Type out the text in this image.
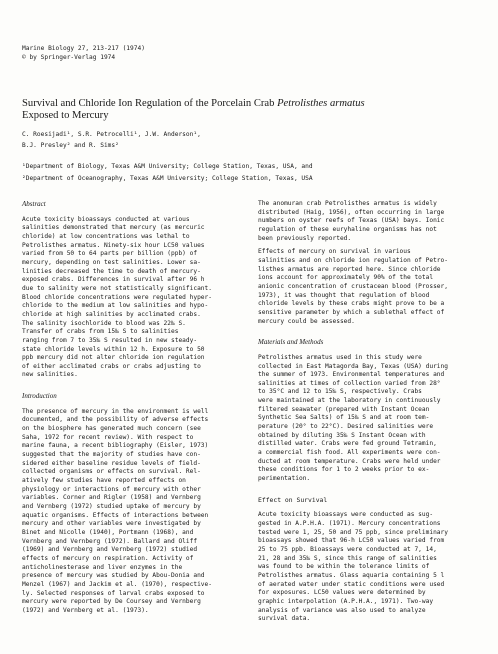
Marine Biology 27, 213-217 (1974)
© by Springer-Verlag 1974
Survival and Chloride Ion Regulation of the Porcelain Crab Petrolisthes armatus
Exposed to Mercury
C. Roesijadi¹, S.R. Petrocelli¹, J.W. Anderson¹,
B.J. Presley² and R. Sims²
¹Department of Biology, Texas A&M University; College Station, Texas, USA, and
²Department of Oceanography, Texas A&M University; College Station, Texas, USA
Abstract
Acute toxicity bioassays conducted at various
salinities demonstrated that mercury (as mercuric
chloride) at low concentrations was lethal to
Petrolisthes armatus. Ninety-six hour LC50 values
varied from 50 to 64 parts per billion (ppb) of
mercury, depending on test salinities. Lower sa-
linities decreased the time to death of mercury-
exposed crabs. Differences in survival after 96 h
due to salinity were not statistically significant.
Blood chloride concentrations were regulated hyper-
chloride to the medium at low salinities and hypo-
chloride at high salinities by acclimated crabs.
The salinity isochloride to blood was 22‰ S.
Transfer of crabs from 15‰ S to salinities
ranging from 7 to 35‰ S resulted in new steady-
state chloride levels within 12 h. Exposure to 50
ppb mercury did not alter chloride ion regulation
of either acclimated crabs or crabs adjusting to
new salinities.
Introduction
The presence of mercury in the environment is well
documented, and the possibility of adverse effects
on the biosphere has generated much concern (see
Saha, 1972 for recent review). With respect to
marine fauna, a recent bibliography (Eisler, 1973)
suggested that the majority of studies have con-
sidered either baseline residue levels of field-
collected organisms or effects on survival. Rel-
atively few studies have reported effects on
physiology or interactions of mercury with other
variables. Corner and Rigler (1958) and Vernberg
and Vernberg (1972) studied uptake of mercury by
aquatic organisms. Effects of interactions between
mercury and other variables were investigated by
Binet and Nicolle (1940), Portmann (1968), and
Vernberg and Vernberg (1972). Ballard and Oliff
(1969) and Vernberg and Vernberg (1972) studied
effects of mercury on respiration. Activity of
anticholinesterase and liver enzymes in the
presence of mercury was studied by Abou-Donia and
Menzel (1967) and Jackim et al. (1970), respective-
ly. Selected responses of larval crabs exposed to
mercury were reported by De Coursey and Vernberg
(1972) and Vernberg et al. (1973).
The anomuran crab Petrolisthes armatus is widely
distributed (Haig, 1956), often occurring in large
numbers on oyster reefs of Texas (USA) bays. Ionic
regulation of these euryhaline organisms has not
been previously reported.
Effects of mercury on survival in various
salinities and on chloride ion regulation of Petro-
listhes armatus are reported here. Since chloride
ions account for approximately 90% of the total
anionic concentration of crustacean blood (Prosser,
1973), it was thought that regulation of blood
chloride levels by these crabs might prove to be a
sensitive parameter by which a sublethal effect of
mercury could be assessed.
Materials and Methods
Petrolisthes armatus used in this study were
collected in East Matagorda Bay, Texas (USA) during
the summer of 1973. Environmental temperatures and
salinities at times of collection varied from 28°
to 35°C and 12 to 15‰ S, respectively. Crabs
were maintained at the laboratory in continuously
filtered seawater (prepared with Instant Ocean
Synthetic Sea Salts) of 15‰ S and at room tem-
perature (20° to 22°C). Desired salinities were
obtained by diluting 35‰ S Instant Ocean with
distilled water. Crabs were fed ground Tetramin,
a commercial fish food. All experiments were con-
ducted at room temperature. Crabs were held under
these conditions for 1 to 2 weeks prior to ex-
perimentation.
Effect on Survival
Acute toxicity bioassays were conducted as sug-
gested in A.P.H.A. (1971). Mercury concentrations
tested were 1, 25, 50 and 75 ppb, since preliminary
bioassays showed that 96-h LC50 values varied from
25 to 75 ppb. Bioassays were conducted at 7, 14,
21, 28 and 35‰ S, since this range of salinities
was found to be within the tolerance limits of
Petrolisthes armatus. Glass aquaria containing 5 l
of aerated water under static conditions were used
for exposures. LC50 values were determined by
graphic interpolation (A.P.H.A., 1971). Two-way
analysis of variance was also used to analyze
survival data.
